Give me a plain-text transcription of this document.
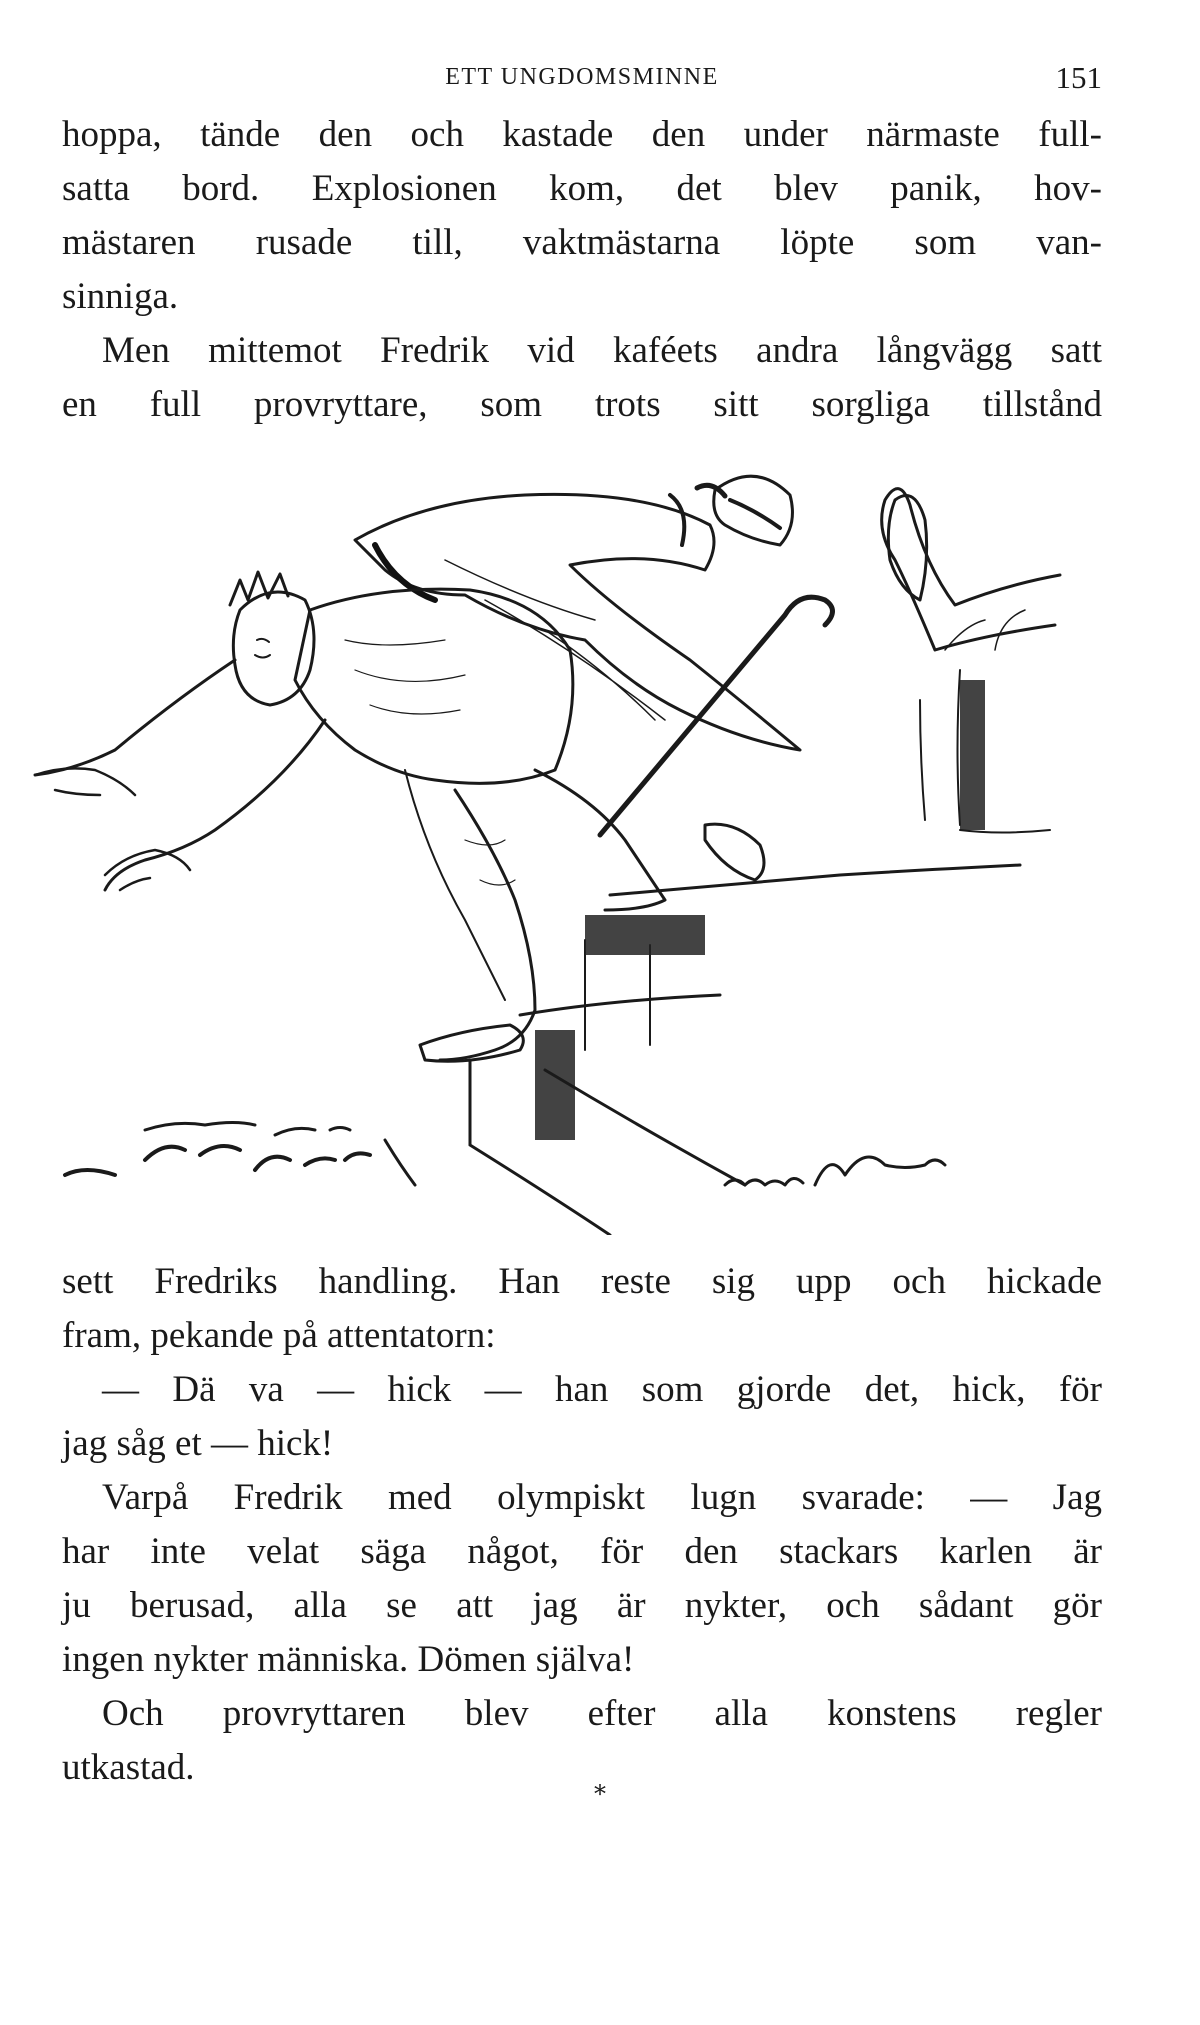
ETT UNGDOMSMINNE	151
hoppa, tände den och kastade den under närmaste full-
satta bord. Explosionen kom, det blev panik, hov-
mästaren rusade till, vaktmästarna löpte som van-
sinniga.
Men mittemot Fredrik vid kaféets andra långvägg satt
en full provryttare, som trots sitt sorgliga tillstånd
sett Fredriks handling. Han reste sig upp och hickade
fram, pekande på attentatorn:
— Dä va — hick — han som gjorde det, hick, för
jag såg et — hick!
Varpå Fredrik med olympiskt lugn svarade: — Jag
har inte velat säga något, för den stackars karlen är
ju berusad, alla se att jag är nykter, och sådant gör
ingen nykter människa. Dömen själva!
Och provryttaren blev efter alla konstens regler
utkastad.
*
